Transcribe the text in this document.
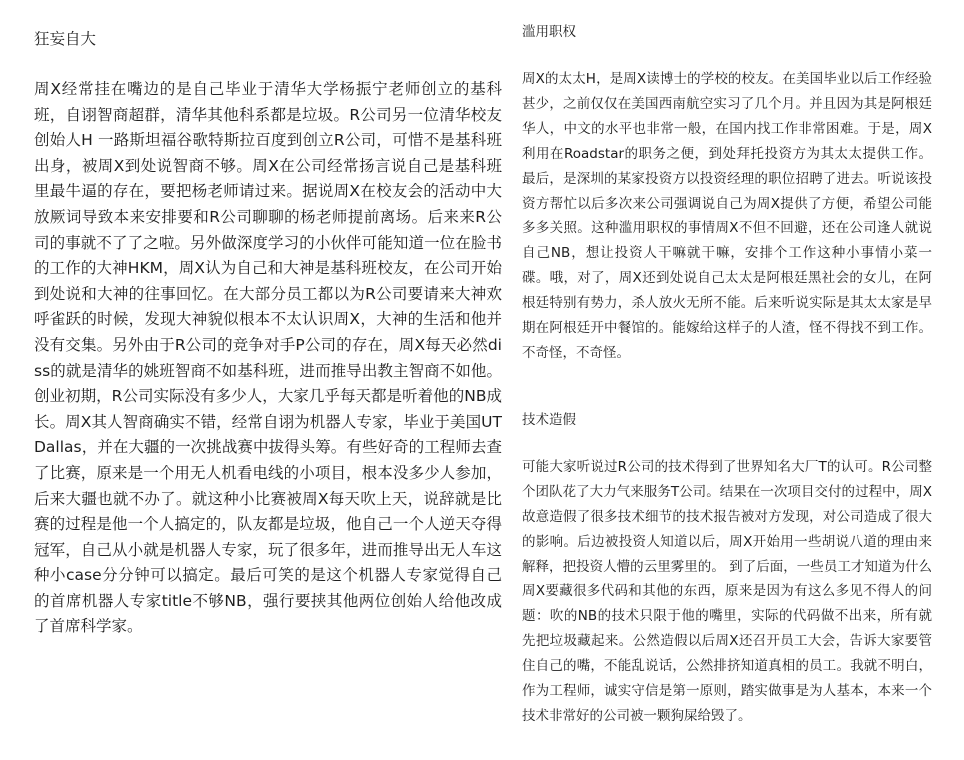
狂妄自大

周X经常挂在嘴边的是自己毕业于清华大学杨振宁老师创立的基科班，自诩智商超群，清华其他科系都是垃圾。R公司另一位清华校友创始人H 一路斯坦福谷歌特斯拉百度到创立R公司，可惜不是基科班出身，被周X到处说智商不够。周X在公司经常扬言说自己是基科班里最牛逼的存在，要把杨老师请过来。据说周X在校友会的活动中大放厥词导致本来安排要和R公司聊聊的杨老师提前离场。后来来R公司的事就不了了之啦。另外做深度学习的小伙伴可能知道一位在脸书的工作的大神HKM，周X认为自己和大神是基科班校友，在公司开始到处说和大神的往事回忆。在大部分员工都以为R公司要请来大神欢呼雀跃的时候，发现大神貌似根本不太认识周X，大神的生活和他并没有交集。另外由于R公司的竞争对手P公司的存在，周X每天必然diss的就是清华的姚班智商不如基科班，进而推导出教主智商不如他。创业初期，R公司实际没有多少人，大家几乎每天都是听着他的NB成长。周X其人智商确实不错，经常自诩为机器人专家，毕业于美国UT Dallas，并在大疆的一次挑战赛中拔得头筹。有些好奇的工程师去查了比赛，原来是一个用无人机看电线的小项目，根本没多少人参加，后来大疆也就不办了。就这种小比赛被周X每天吹上天，说辞就是比赛的过程是他一个人搞定的，队友都是垃圾，他自己一个人逆天夺得冠军，自己从小就是机器人专家，玩了很多年，进而推导出无人车这种小case分分钟可以搞定。最后可笑的是这个机器人专家觉得自己的首席机器人专家title不够NB，强行要挟其他两位创始人给他改成了首席科学家。

滥用职权

周X的太太H，是周X读博士的学校的校友。在美国毕业以后工作经验甚少，之前仅仅在美国西南航空实习了几个月。并且因为其是阿根廷华人，中文的水平也非常一般，在国内找工作非常困难。于是，周X利用在Roadstar的职务之便，到处拜托投资方为其太太提供工作。最后，是深圳的某家投资方以投资经理的职位招聘了进去。听说该投资方帮忙以后多次来公司强调说自己为周X提供了方便，希望公司能多多关照。这种滥用职权的事情周X不但不回避，还在公司逢人就说自己NB，想让投资人干嘛就干嘛，安排个工作这种小事情小菜一碟。哦，对了，周X还到处说自己太太是阿根廷黑社会的女儿，在阿根廷特别有势力，杀人放火无所不能。后来听说实际是其太太家是早期在阿根廷开中餐馆的。能嫁给这样子的人渣，怪不得找不到工作。不奇怪，不奇怪。

技术造假

可能大家听说过R公司的技术得到了世界知名大厂T的认可。R公司整个团队花了大力气来服务T公司。结果在一次项目交付的过程中，周X故意造假了很多技术细节的技术报告被对方发现，对公司造成了很大的影响。后边被投资人知道以后，周X开始用一些胡说八道的理由来解释，把投资人懵的云里雾里的。 到了后面，一些员工才知道为什么周X要藏很多代码和其他的东西，原来是因为有这么多见不得人的问题：吹的NB的技术只限于他的嘴里，实际的代码做不出来，所有就先把垃圾藏起来。公然造假以后周X还召开员工大会，告诉大家要管住自己的嘴，不能乱说话，公然排挤知道真相的员工。我就不明白，作为工程师，诚实守信是第一原则，踏实做事是为人基本，本来一个技术非常好的公司被一颗狗屎给毁了。
